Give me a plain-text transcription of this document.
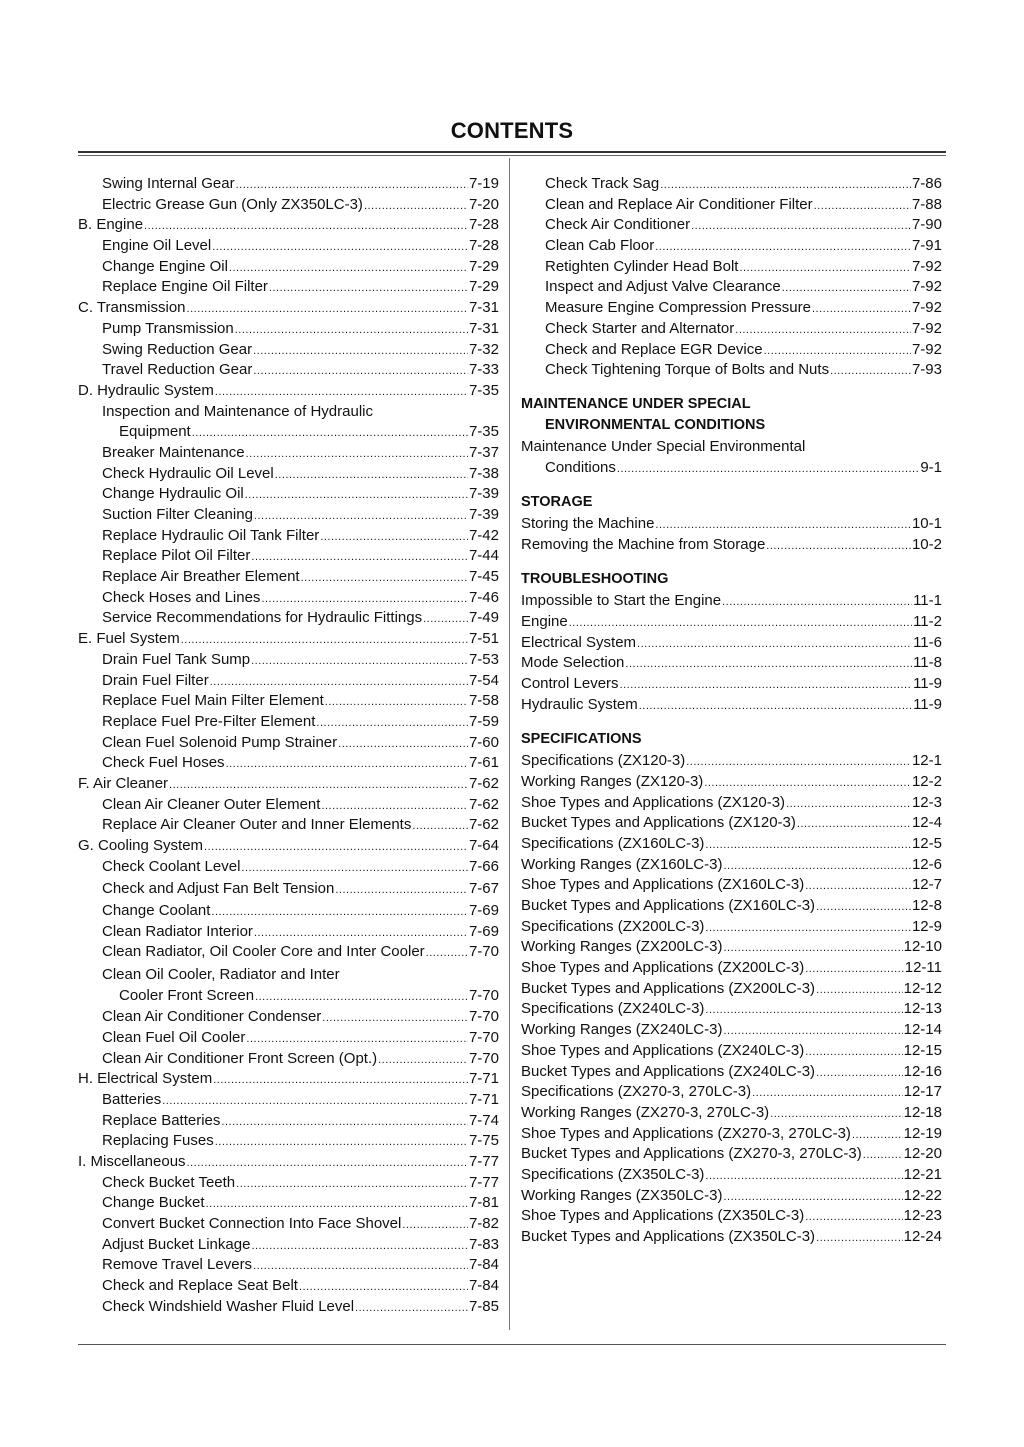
CONTENTS
Swing Internal Gear .....	7-19
Electric Grease Gun (Only ZX350LC-3) .....	7-20
B. Engine .....	7-28
Engine Oil Level .....	7-28
Change Engine Oil .....	7-29
Replace Engine Oil Filter .....	7-29
C. Transmission .....	7-31
Pump Transmission .....	7-31
Swing Reduction Gear .....	7-32
Travel Reduction Gear .....	7-33
D. Hydraulic System .....	7-35
Inspection and Maintenance of Hydraulic
Equipment .....	7-35
Breaker Maintenance .....	7-37
Check Hydraulic Oil Level .....	7-38
Change Hydraulic Oil .....	7-39
Suction Filter Cleaning .....	7-39
Replace Hydraulic Oil Tank Filter .....	7-42
Replace Pilot Oil Filter .....	7-44
Replace Air Breather Element .....	7-45
Check Hoses and Lines .....	7-46
Service Recommendations for Hydraulic Fittings .....	7-49
E. Fuel System .....	7-51
Drain Fuel Tank Sump .....	7-53
Drain Fuel Filter .....	7-54
Replace Fuel Main Filter Element .....	7-58
Replace Fuel Pre-Filter Element .....	7-59
Clean Fuel Solenoid Pump Strainer .....	7-60
Check Fuel Hoses .....	7-61
F. Air Cleaner .....	7-62
Clean Air Cleaner Outer Element .....	7-62
Replace Air Cleaner Outer and Inner Elements .....	7-62
G. Cooling System .....	7-64
Check Coolant Level .....	7-66
Check and Adjust Fan Belt Tension .....	7-67
Change Coolant .....	7-69
Clean Radiator Interior .....	7-69
Clean Radiator, Oil Cooler Core and Inter Cooler .....	7-70
Clean Oil Cooler, Radiator and Inter
Cooler Front Screen .....	7-70
Clean Air Conditioner Condenser .....	7-70
Clean Fuel Oil Cooler .....	7-70
Clean Air Conditioner Front Screen (Opt.) .....	7-70
H. Electrical System .....	7-71
Batteries .....	7-71
Replace Batteries .....	7-74
Replacing Fuses .....	7-75
I. Miscellaneous .....	7-77
Check Bucket Teeth .....	7-77
Change Bucket .....	7-81
Convert Bucket Connection Into Face Shovel .....	7-82
Adjust Bucket Linkage .....	7-83
Remove Travel Levers .....	7-84
Check and Replace Seat Belt .....	7-84
Check Windshield Washer Fluid Level .....	7-85
Check Track Sag .....	7-86
Clean and Replace Air Conditioner Filter .....	7-88
Check Air Conditioner .....	7-90
Clean Cab Floor .....	7-91
Retighten Cylinder Head Bolt .....	7-92
Inspect and Adjust Valve Clearance .....	7-92
Measure Engine Compression Pressure .....	7-92
Check Starter and Alternator .....	7-92
Check and Replace EGR Device .....	7-92
Check Tightening Torque of Bolts and Nuts .....	7-93
MAINTENANCE UNDER SPECIAL
ENVIRONMENTAL CONDITIONS
Maintenance Under Special Environmental
Conditions .....	9-1
STORAGE
Storing the Machine .....	10-1
Removing the Machine from Storage .....	10-2
TROUBLESHOOTING
Impossible to Start the Engine .....	11-1
Engine .....	11-2
Electrical System .....	11-6
Mode Selection .....	11-8
Control Levers .....	11-9
Hydraulic System .....	11-9
SPECIFICATIONS
Specifications (ZX120-3) .....	12-1
Working Ranges (ZX120-3) .....	12-2
Shoe Types and Applications (ZX120-3) .....	12-3
Bucket Types and Applications (ZX120-3) .....	12-4
Specifications (ZX160LC-3) .....	12-5
Working Ranges (ZX160LC-3) .....	12-6
Shoe Types and Applications (ZX160LC-3) .....	12-7
Bucket Types and Applications (ZX160LC-3) .....	12-8
Specifications (ZX200LC-3) .....	12-9
Working Ranges (ZX200LC-3) .....	12-10
Shoe Types and Applications (ZX200LC-3) .....	12-11
Bucket Types and Applications (ZX200LC-3) .....	12-12
Specifications (ZX240LC-3) .....	12-13
Working Ranges (ZX240LC-3) .....	12-14
Shoe Types and Applications (ZX240LC-3) .....	12-15
Bucket Types and Applications (ZX240LC-3) .....	12-16
Specifications (ZX270-3, 270LC-3) .....	12-17
Working Ranges (ZX270-3, 270LC-3) .....	12-18
Shoe Types and Applications (ZX270-3, 270LC-3) .....	12-19
Bucket Types and Applications (ZX270-3, 270LC-3) .....	12-20
Specifications (ZX350LC-3) .....	12-21
Working Ranges (ZX350LC-3) .....	12-22
Shoe Types and Applications (ZX350LC-3) .....	12-23
Bucket Types and Applications (ZX350LC-3) .....	12-24
